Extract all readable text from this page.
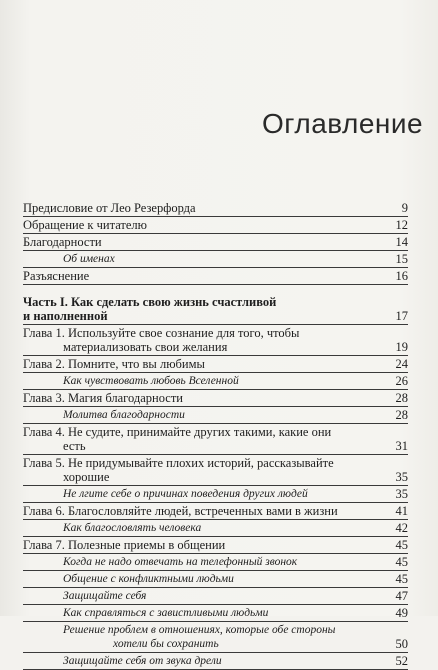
Оглавление
Предисловие от Лео Резерфорда	9
Обращение к читателю	12
Благодарности	14
Об именах	15
Разъяснение	16
Часть I. Как сделать свою жизнь счастливой
и наполненной	17
Глава 1. Используйте свое сознание для того, чтобы
материализовать свои желания	19
Глава 2. Помните, что вы любимы	24
Как чувствовать любовь Вселенной	26
Глава 3. Магия благодарности	28
Молитва благодарности	28
Глава 4. Не судите, принимайте других такими, какие они
есть	31
Глава 5. Не придумывайте плохих историй, рассказывайте
хорошие	35
Не лгите себе о причинах поведения других людей	35
Глава 6. Благословляйте людей, встреченных вами в жизни	41
Как благословлять человека	42
Глава 7. Полезные приемы в общении	45
Когда не надо отвечать на телефонный звонок	45
Общение с конфликтными людьми	45
Защищайте себя	47
Как справляться с завистливыми людьми	49
Решение проблем в отношениях, которые обе стороны
хотели бы сохранить	50
Защищайте себя от звука дрели	52
